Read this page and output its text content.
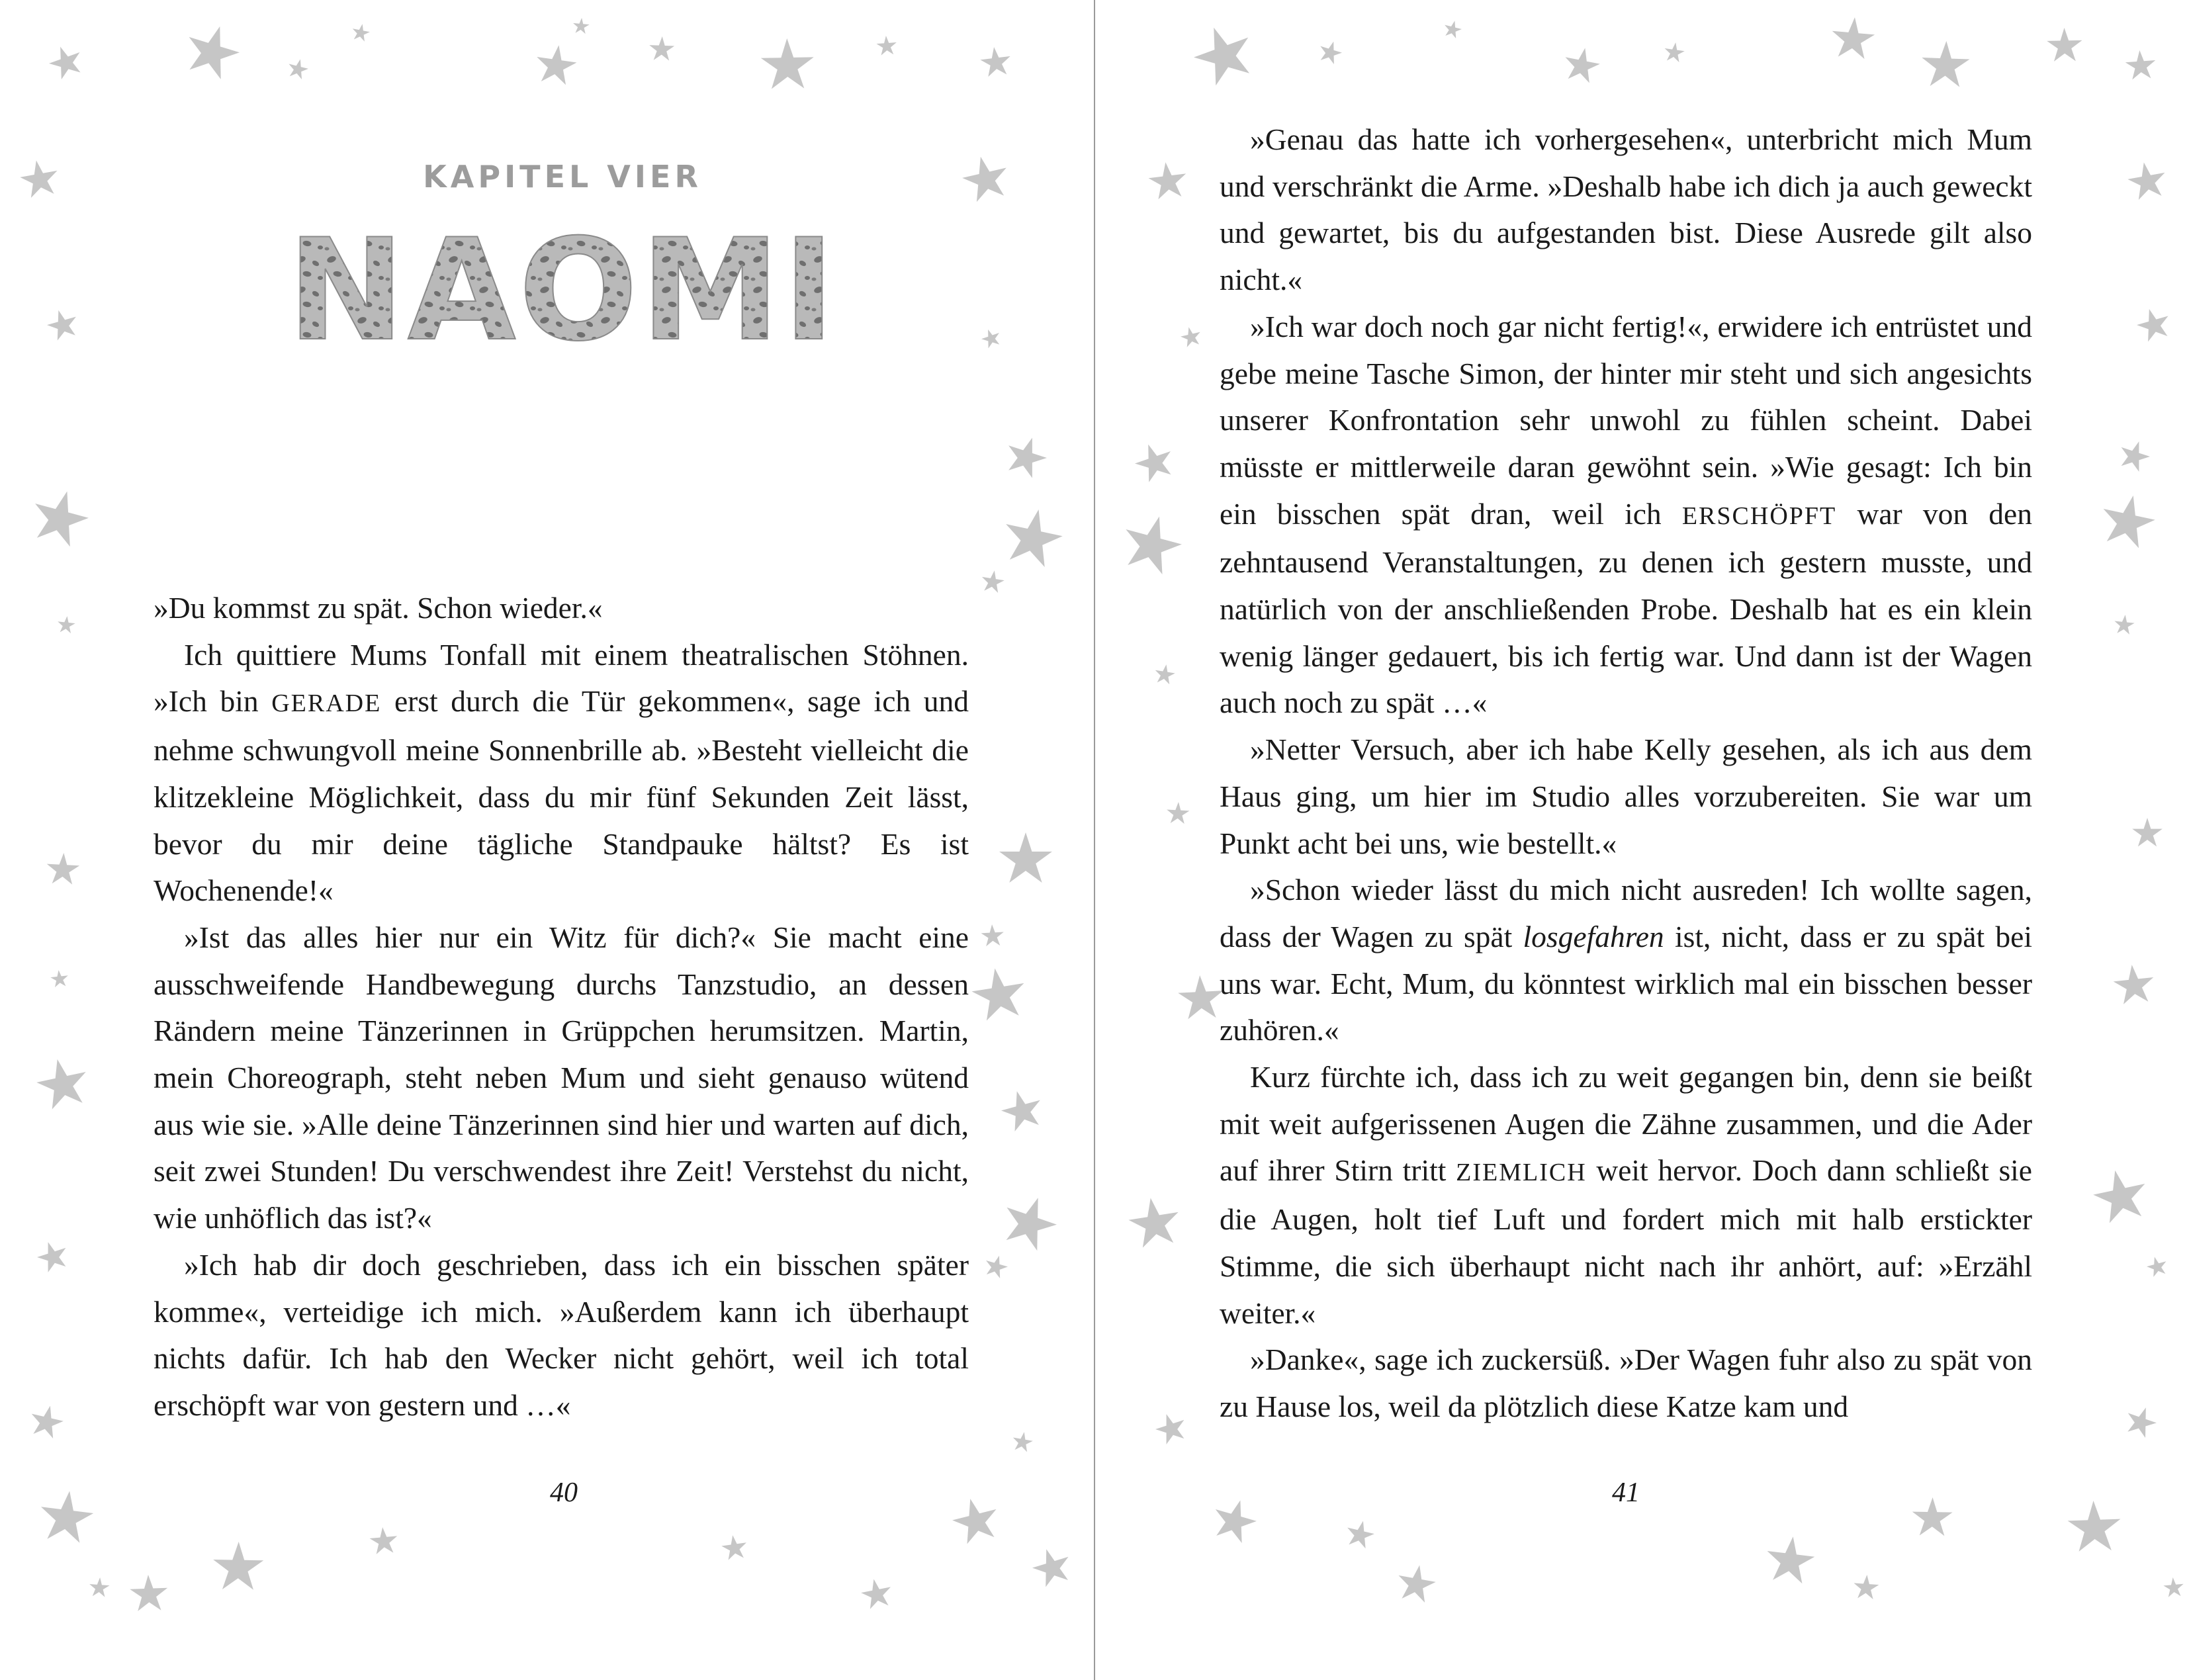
KAPITEL VIER
NAOMI

»Du kommst zu spät. Schon wieder.«

Ich quittiere Mums Tonfall mit einem theatralischen Stöhnen. »Ich bin GERADE erst durch die Tür gekommen«, sage ich und nehme schwungvoll meine Sonnenbrille ab. »Besteht vielleicht die klitzekleine Möglichkeit, dass du mir fünf Sekunden Zeit lässt, bevor du mir deine tägliche Standpauke hältst? Es ist Wochenende!«

»Ist das alles hier nur ein Witz für dich?« Sie macht eine ausschweifende Handbewegung durchs Tanzstudio, an dessen Rändern meine Tänzerinnen in Grüppchen herumsitzen. Martin, mein Choreograph, steht neben Mum und sieht genauso wütend aus wie sie. »Alle deine Tänzerinnen sind hier und warten auf dich, seit zwei Stunden! Du verschwendest ihre Zeit! Verstehst du nicht, wie unhöflich das ist?«

»Ich hab dir doch geschrieben, dass ich ein bisschen später komme«, verteidige ich mich. »Außerdem kann ich überhaupt nichts dafür. Ich hab den Wecker nicht gehört, weil ich total erschöpft war von gestern und …«

»Genau das hatte ich vorhergesehen«, unterbricht mich Mum und verschränkt die Arme. »Deshalb habe ich dich ja auch geweckt und gewartet, bis du aufgestanden bist. Diese Ausrede gilt also nicht.«

»Ich war doch noch gar nicht fertig!«, erwidere ich entrüstet und gebe meine Tasche Simon, der hinter mir steht und sich angesichts unserer Konfrontation sehr unwohl zu fühlen scheint. Dabei müsste er mittlerweile daran gewöhnt sein. »Wie gesagt: Ich bin ein bisschen spät dran, weil ich ERSCHÖPFT war von den zehntausend Veranstaltungen, zu denen ich gestern musste, und natürlich von der anschließenden Probe. Deshalb hat es ein klein wenig länger gedauert, bis ich fertig war. Und dann ist der Wagen auch noch zu spät …«

»Netter Versuch, aber ich habe Kelly gesehen, als ich aus dem Haus ging, um hier im Studio alles vorzubereiten. Sie war um Punkt acht bei uns, wie bestellt.«

»Schon wieder lässt du mich nicht ausreden! Ich wollte sagen, dass der Wagen zu spät losgefahren ist, nicht, dass er zu spät bei uns war. Echt, Mum, du könntest wirklich mal ein bisschen besser zuhören.«

Kurz fürchte ich, dass ich zu weit gegangen bin, denn sie beißt mit weit aufgerissenen Augen die Zähne zusammen, und die Ader auf ihrer Stirn tritt ZIEMLICH weit hervor. Doch dann schließt sie die Augen, holt tief Luft und fordert mich mit halb erstickter Stimme, die sich überhaupt nicht nach ihr anhört, auf: »Erzähl weiter.«

»Danke«, sage ich zuckersüß. »Der Wagen fuhr also zu spät von zu Hause los, weil da plötzlich diese Katze kam und

40	41
